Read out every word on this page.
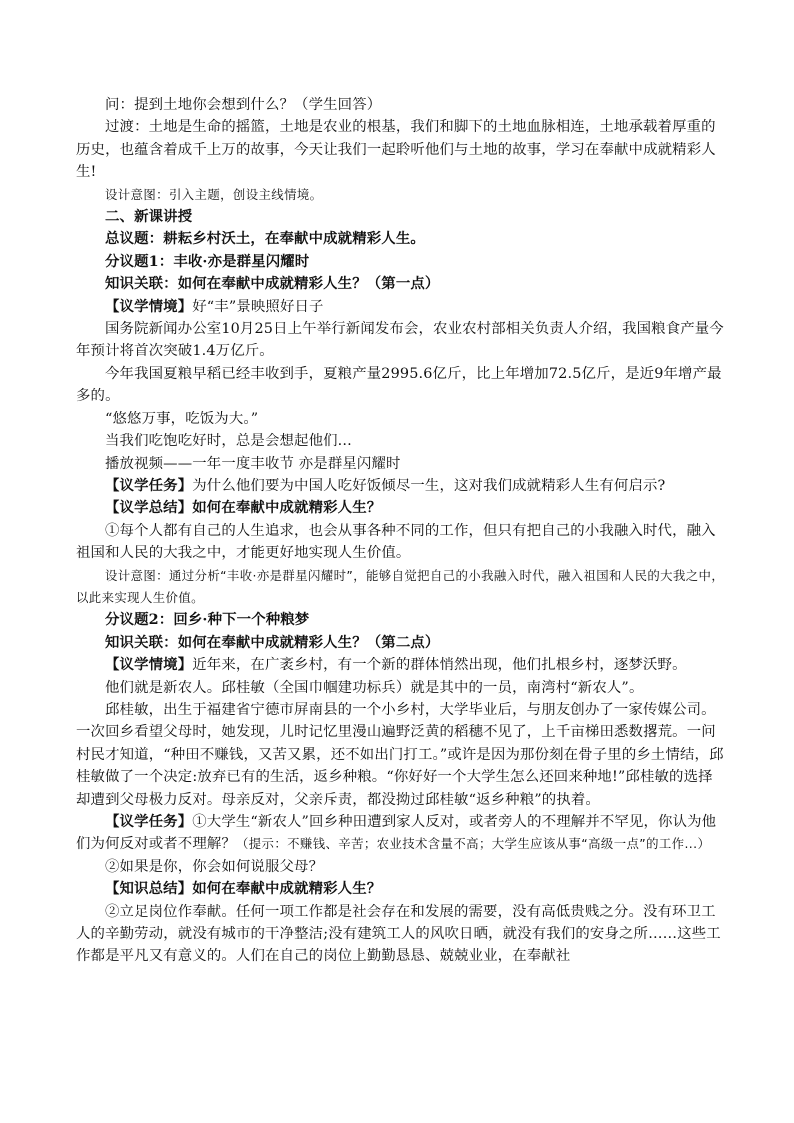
问：提到土地你会想到什么？（学生回答）

过渡：土地是生命的摇篮，土地是农业的根基，我们和脚下的土地血脉相连，土地承载着厚重的历史，也蕴含着成千上万的故事，今天让我们一起聆听他们与土地的故事，学习在奉献中成就精彩人生!

设计意图：引入主题，创设主线情境。

二、新课讲授

总议题：耕耘乡村沃土，在奉献中成就精彩人生。

分议题1：丰收·亦是群星闪耀时

知识关联：如何在奉献中成就精彩人生？（第一点）

【议学情境】好“丰”景映照好日子

国务院新闻办公室10月25日上午举行新闻发布会，农业农村部相关负责人介绍，我国粮食产量今年预计将首次突破1.4万亿斤。

今年我国夏粮早稻已经丰收到手，夏粮产量2995.6亿斤，比上年增加72.5亿斤，是近9年增产最多的。

“悠悠万事，吃饭为大。”

当我们吃饱吃好时，总是会想起他们...

播放视频——一年一度丰收节 亦是群星闪耀时

【议学任务】为什么他们要为中国人吃好饭倾尽一生，这对我们成就精彩人生有何启示?

【议学总结】如何在奉献中成就精彩人生？

①每个人都有自己的人生追求，也会从事各种不同的工作，但只有把自己的小我融入时代，融入祖国和人民的大我之中，才能更好地实现人生价值。

设计意图：通过分析“丰收·亦是群星闪耀时”，能够自觉把自己的小我融入时代，融入祖国和人民的大我之中，以此来实现人生价值。

分议题2：回乡·种下一个种粮梦

知识关联：如何在奉献中成就精彩人生？（第二点）

【议学情境】近年来，在广袤乡村，有一个新的群体悄然出现，他们扎根乡村，逐梦沃野。

他们就是新农人。邱桂敏（全国巾帼建功标兵）就是其中的一员，南湾村“新农人”。

邱桂敏，出生于福建省宁德市屏南县的一个小乡村，大学毕业后，与朋友创办了一家传媒公司。一次回乡看望父母时，她发现，儿时记忆里漫山遍野泛黄的稻穗不见了，上千亩梯田悉数撂荒。一问村民才知道，“种田不赚钱，又苦又累，还不如出门打工。”或许是因为那份刻在骨子里的乡土情结，邱桂敏做了一个决定:放弃已有的生活，返乡种粮。“你好好一个大学生怎么还回来种地!”邱桂敏的选择却遭到父母极力反对。母亲反对，父亲斥责，都没拗过邱桂敏“返乡种粮”的执着。

【议学任务】①大学生“新农人”回乡种田遭到家人反对，或者旁人的不理解并不罕见，你认为他们为何反对或者不理解？（提示：不赚钱、辛苦；农业技术含量不高；大学生应该从事“高级一点”的工作...）

②如果是你，你会如何说服父母？

【知识总结】如何在奉献中成就精彩人生？

②立足岗位作奉献。任何一项工作都是社会存在和发展的需要，没有高低贵贱之分。没有环卫工人的辛勤劳动，就没有城市的干净整洁;没有建筑工人的风吹日晒，就没有我们的安身之所……这些工作都是平凡又有意义的。人们在自己的岗位上勤勤恳恳、兢兢业业，在奉献社
